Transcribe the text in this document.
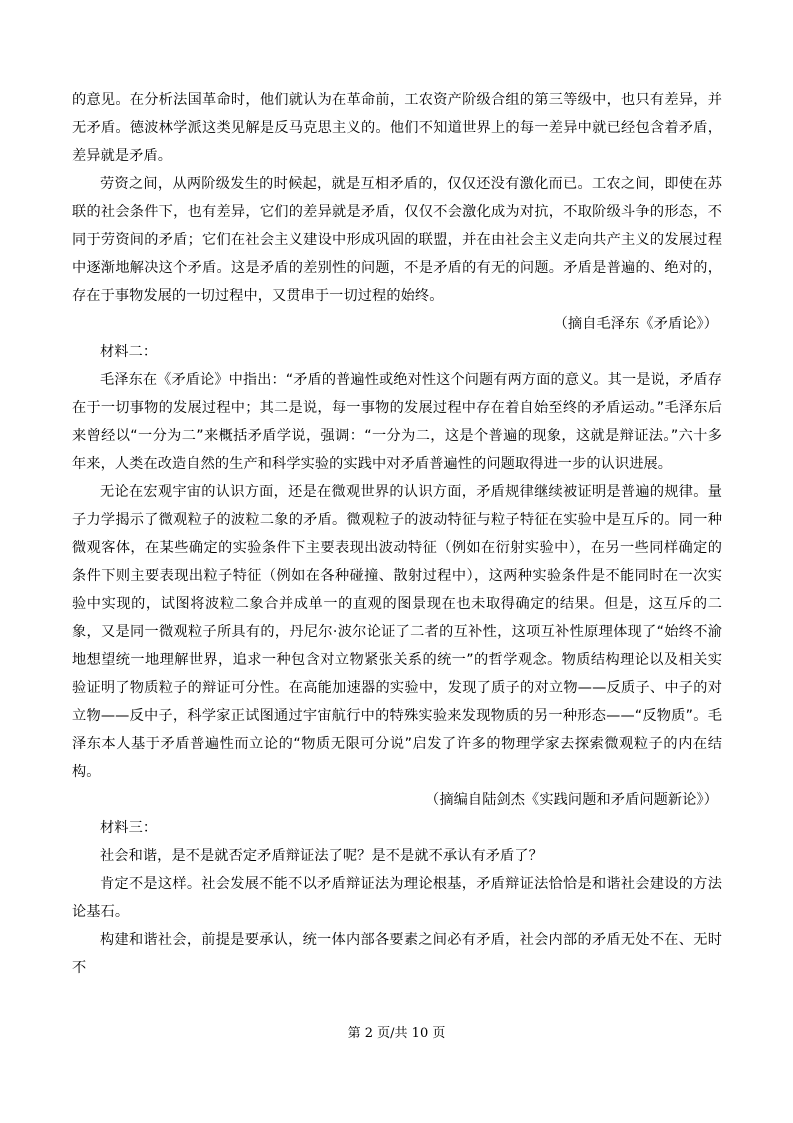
的意见。在分析法国革命时，他们就认为在革命前，工农资产阶级合组的第三等级中，也只有差异，并无矛盾。德波林学派这类见解是反马克思主义的。他们不知道世界上的每一差异中就已经包含着矛盾，差异就是矛盾。

劳资之间，从两阶级发生的时候起，就是互相矛盾的，仅仅还没有激化而已。工农之间，即使在苏联的社会条件下，也有差异，它们的差异就是矛盾，仅仅不会激化成为对抗，不取阶级斗争的形态，不同于劳资间的矛盾；它们在社会主义建设中形成巩固的联盟，并在由社会主义走向共产主义的发展过程中逐渐地解决这个矛盾。这是矛盾的差别性的问题，不是矛盾的有无的问题。矛盾是普遍的、绝对的，存在于事物发展的一切过程中，又贯串于一切过程的始终。

（摘自毛泽东《矛盾论》）

材料二：

毛泽东在《矛盾论》中指出：“矛盾的普遍性或绝对性这个问题有两方面的意义。其一是说，矛盾存在于一切事物的发展过程中；其二是说，每一事物的发展过程中存在着自始至终的矛盾运动。”毛泽东后来曾经以“一分为二”来概括矛盾学说，强调：“一分为二，这是个普遍的现象，这就是辩证法。”六十多年来，人类在改造自然的生产和科学实验的实践中对矛盾普遍性的问题取得进一步的认识进展。

无论在宏观宇宙的认识方面，还是在微观世界的认识方面，矛盾规律继续被证明是普遍的规律。量子力学揭示了微观粒子的波粒二象的矛盾。微观粒子的波动特征与粒子特征在实验中是互斥的。同一种微观客体，在某些确定的实验条件下主要表现出波动特征（例如在衍射实验中），在另一些同样确定的条件下则主要表现出粒子特征（例如在各种碰撞、散射过程中），这两种实验条件是不能同时在一次实验中实现的，试图将波粒二象合并成单一的直观的图景现在也未取得确定的结果。但是，这互斥的二象，又是同一微观粒子所具有的，丹尼尔·波尔论证了二者的互补性，这项互补性原理体现了“始终不渝地想望统一地理解世界，追求一种包含对立物紧张关系的统一”的哲学观念。物质结构理论以及相关实验证明了物质粒子的辩证可分性。在高能加速器的实验中，发现了质子的对立物——反质子、中子的对立物——反中子，科学家正试图通过宇宙航行中的特殊实验来发现物质的另一种形态——“反物质”。毛泽东本人基于矛盾普遍性而立论的“物质无限可分说”启发了许多的物理学家去探索微观粒子的内在结构。

（摘编自陆剑杰《实践问题和矛盾问题新论》）

材料三：

社会和谐，是不是就否定矛盾辩证法了呢？是不是就不承认有矛盾了？

肯定不是这样。社会发展不能不以矛盾辩证法为理论根基，矛盾辩证法恰恰是和谐社会建设的方法论基石。

构建和谐社会，前提是要承认，统一体内部各要素之间必有矛盾，社会内部的矛盾无处不在、无时不

第 2 页/共 10 页
